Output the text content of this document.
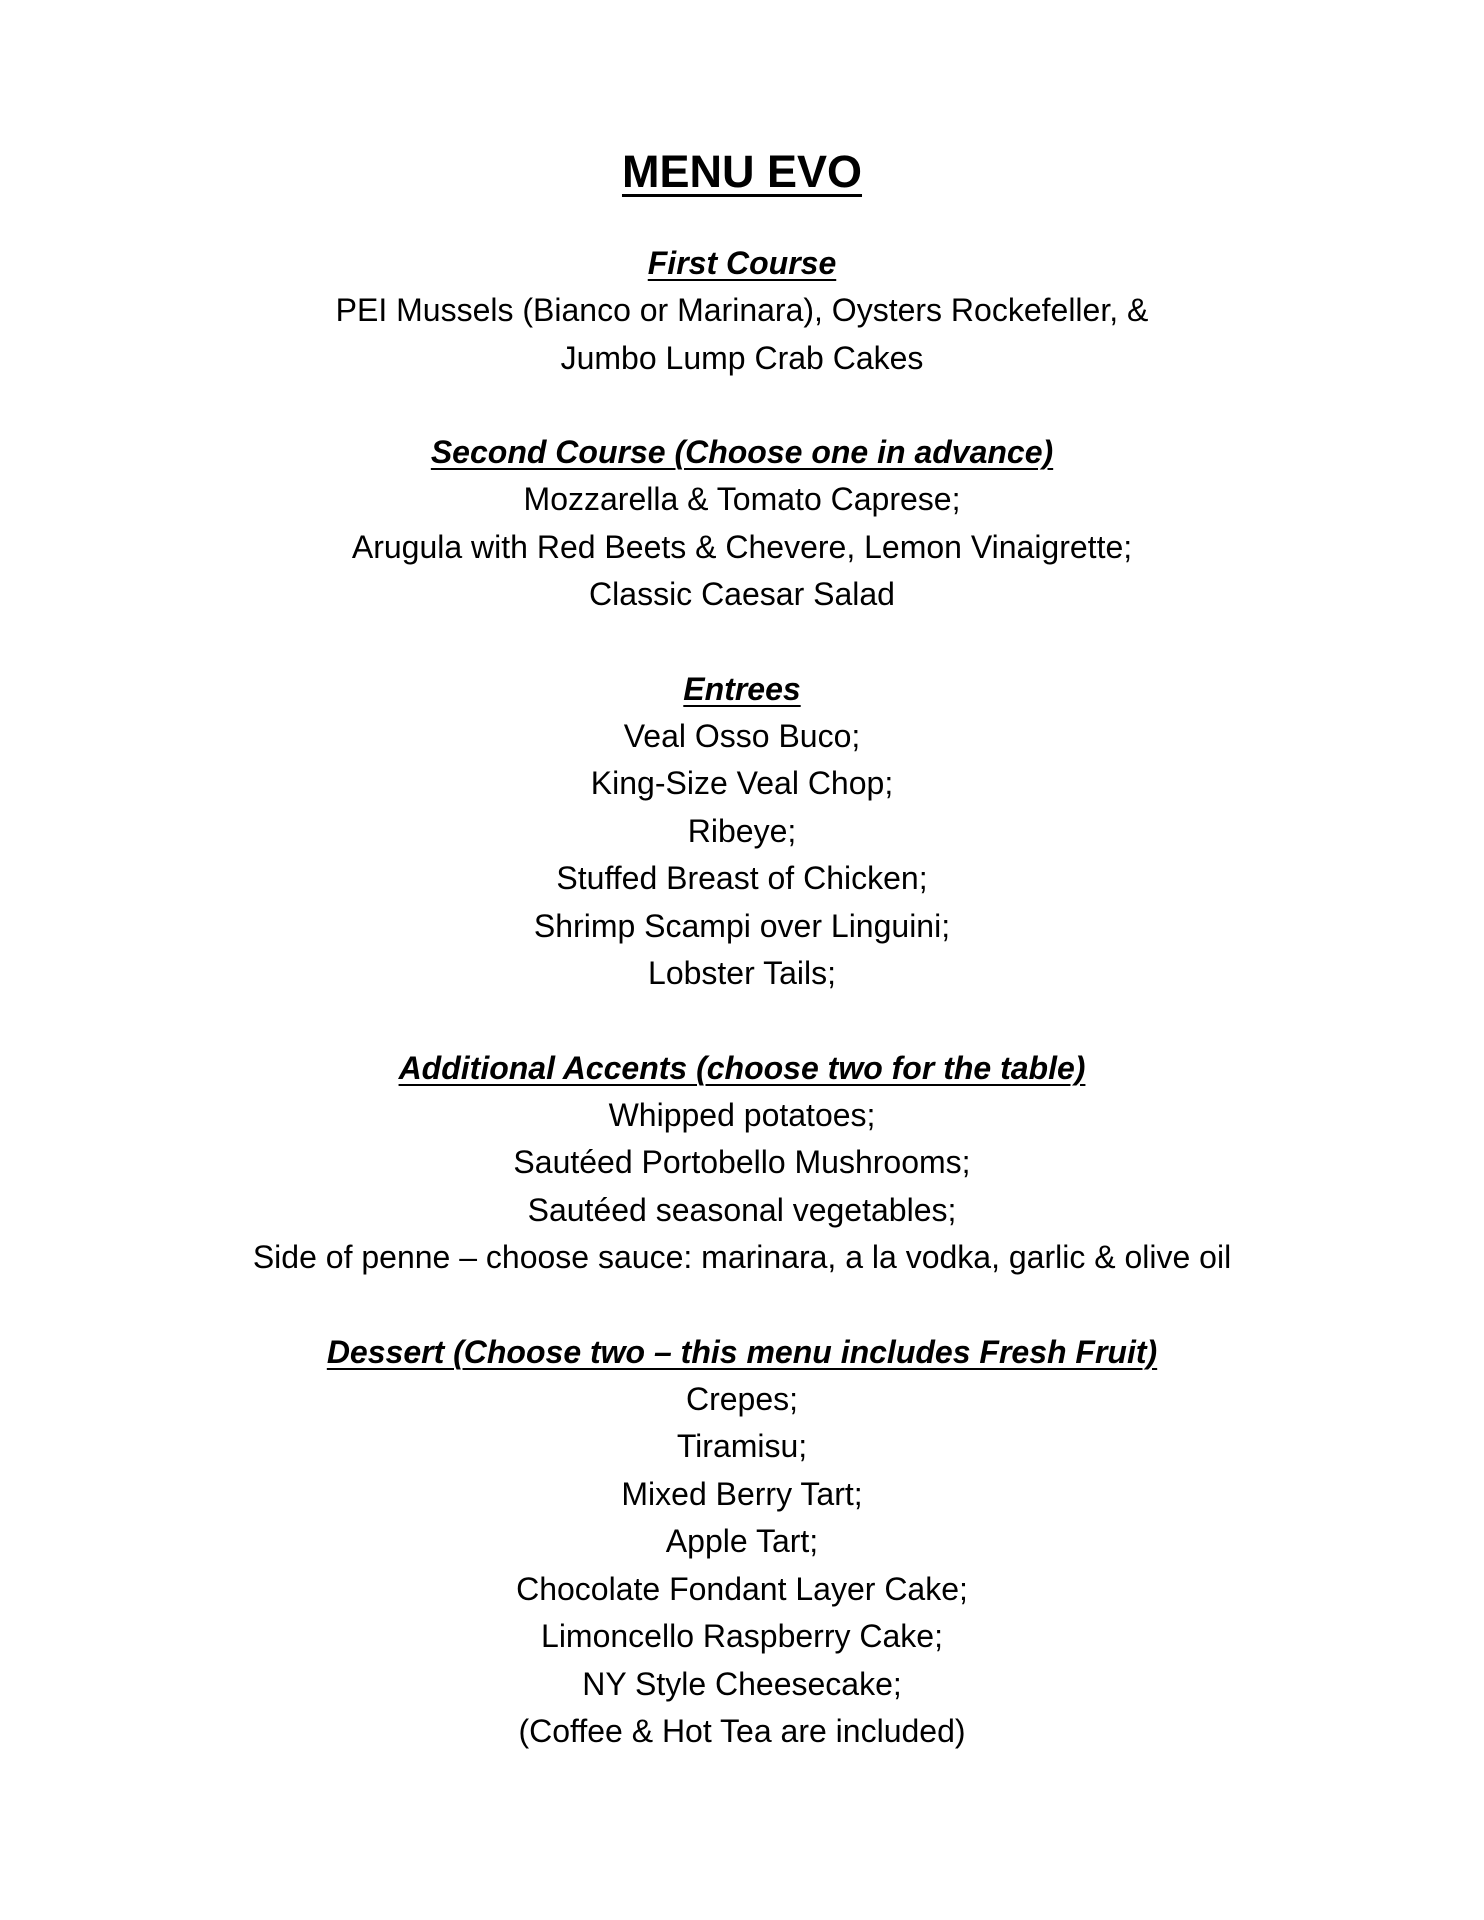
MENU EVO
First Course
PEI Mussels (Bianco or Marinara), Oysters Rockefeller, &
Jumbo Lump Crab Cakes
Second Course (Choose one in advance)
Mozzarella & Tomato Caprese;
Arugula with Red Beets & Chevere, Lemon Vinaigrette;
Classic Caesar Salad
Entrees
Veal Osso Buco;
King-Size Veal Chop;
Ribeye;
Stuffed Breast of Chicken;
Shrimp Scampi over Linguini;
Lobster Tails;
Additional Accents (choose two for the table)
Whipped potatoes;
Sautéed Portobello Mushrooms;
Sautéed seasonal vegetables;
Side of penne – choose sauce: marinara, a la vodka, garlic & olive oil
Dessert (Choose two – this menu includes Fresh Fruit)
Crepes;
Tiramisu;
Mixed Berry Tart;
Apple Tart;
Chocolate Fondant Layer Cake;
Limoncello Raspberry Cake;
NY Style Cheesecake;
(Coffee & Hot Tea are included)
